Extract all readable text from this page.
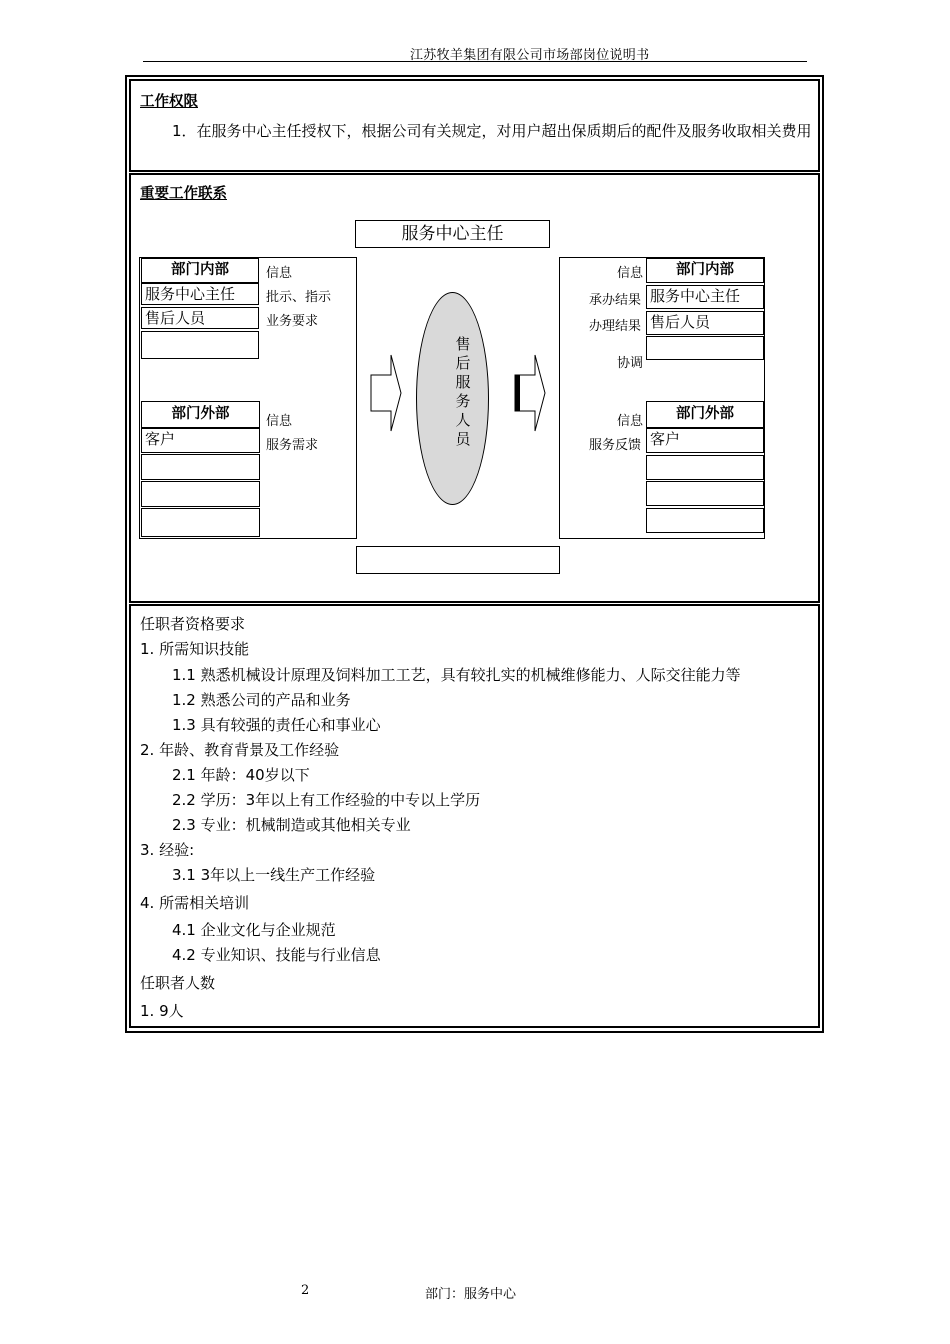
江苏牧羊集团有限公司市场部岗位说明书
工作权限
1．在服务中心主任授权下，根据公司有关规定，对用户超出保质期后的配件及服务收取相关费用
重要工作联系
服务中心主任
部门内部
服务中心主任
售后人员
信息
批示、指示
业务要求
部门外部
客户
信息
服务需求
售后服务人员
部门内部
服务中心主任
售后人员
信息
承办结果
办理结果
协调
部门外部
客户
信息
服务反馈
任职者资格要求
1. 所需知识技能
1.1 熟悉机械设计原理及饲料加工工艺，具有较扎实的机械维修能力、人际交往能力等
1.2 熟悉公司的产品和业务
1.3 具有较强的责任心和事业心
2. 年龄、教育背景及工作经验
2.1 年龄：40岁以下
2.2 学历：3年以上有工作经验的中专以上学历
2.3 专业：机械制造或其他相关专业
3. 经验:
3.1 3年以上一线生产工作经验
4. 所需相关培训
4.1 企业文化与企业规范
4.2 专业知识、技能与行业信息
任职者人数
1. 9人
2	部门：服务中心
